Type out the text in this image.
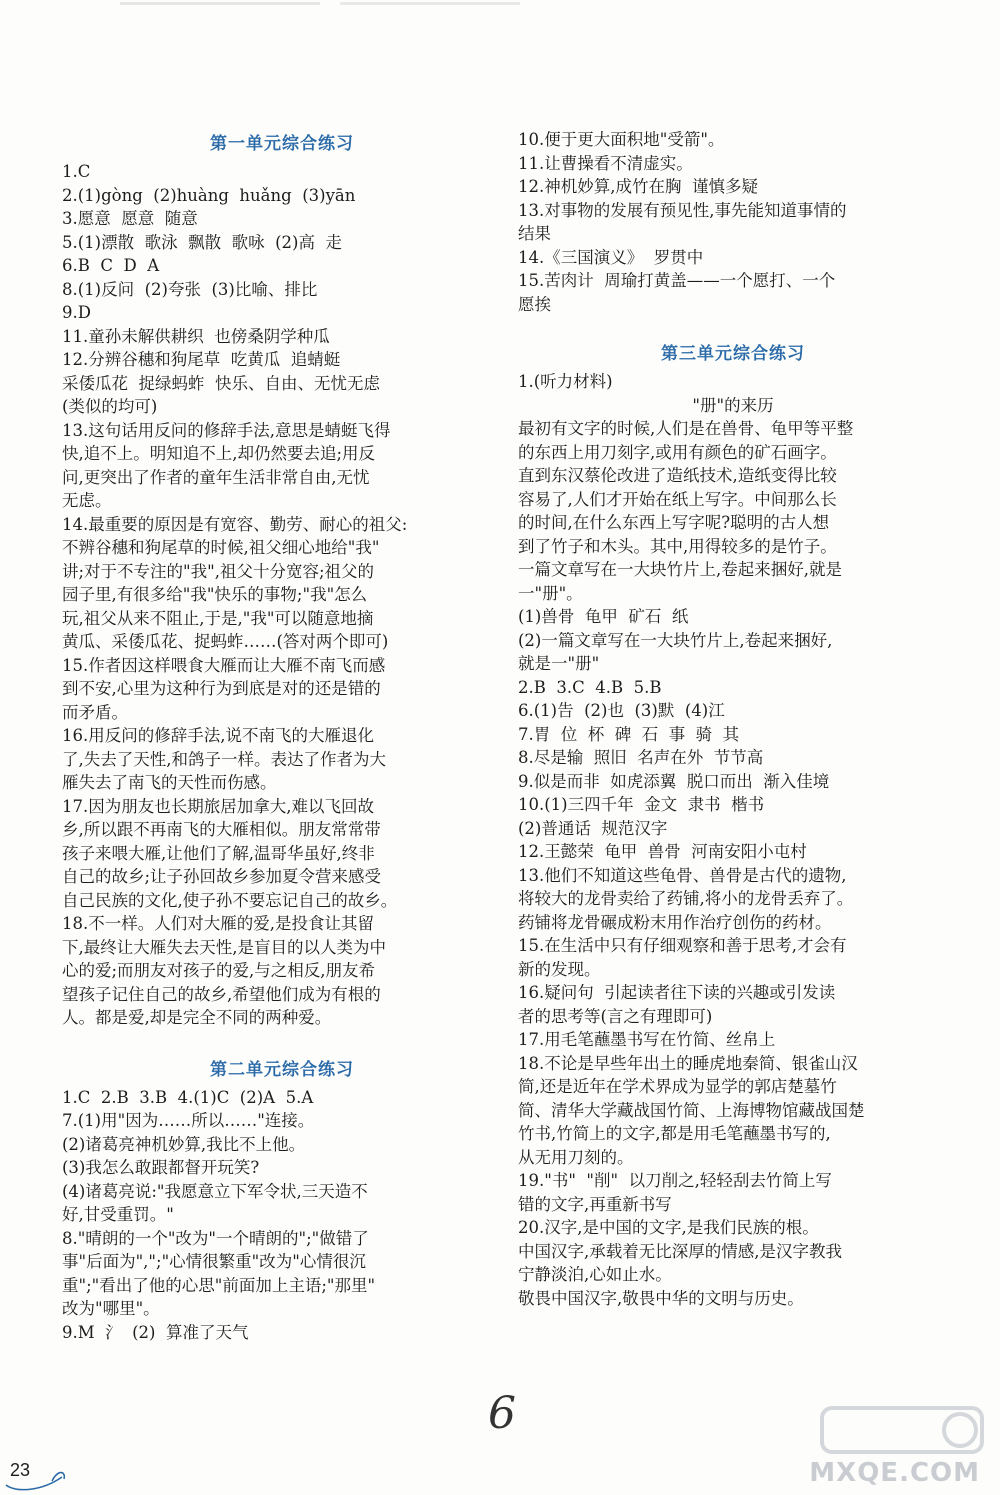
第一单元综合练习
1.C
2.(1)gòng  (2)huàng  huǎng  (3)yān
3.愿意  愿意  随意
5.(1)漂散  歌泳  飘散  歌咏  (2)高  走
6.B  C  D  A
8.(1)反问  (2)夸张  (3)比喻、排比
9.D
11.童孙未解供耕织  也傍桑阴学种瓜
12.分辨谷穗和狗尾草  吃黄瓜  追蜻蜓
采倭瓜花  捉绿蚂蚱  快乐、自由、无忧无虑
(类似的均可)
13.这句话用反问的修辞手法,意思是蜻蜓飞得
快,追不上。明知追不上,却仍然要去追;用反
问,更突出了作者的童年生活非常自由,无忧
无虑。
14.最重要的原因是有宽容、勤劳、耐心的祖父:
不辨谷穗和狗尾草的时候,祖父细心地给"我"
讲;对于不专注的"我",祖父十分宽容;祖父的
园子里,有很多给"我"快乐的事物;"我"怎么
玩,祖父从来不阻止,于是,"我"可以随意地摘
黄瓜、采倭瓜花、捉蚂蚱……(答对两个即可)
15.作者因这样喂食大雁而让大雁不南飞而感
到不安,心里为这种行为到底是对的还是错的
而矛盾。
16.用反问的修辞手法,说不南飞的大雁退化
了,失去了天性,和鸽子一样。表达了作者为大
雁失去了南飞的天性而伤感。
17.因为朋友也长期旅居加拿大,难以飞回故
乡,所以跟不再南飞的大雁相似。朋友常常带
孩子来喂大雁,让他们了解,温哥华虽好,终非
自己的故乡;让子孙回故乡参加夏令营来感受
自己民族的文化,使子孙不要忘记自己的故乡。
18.不一样。人们对大雁的爱,是投食让其留
下,最终让大雁失去天性,是盲目的以人类为中
心的爱;而朋友对孩子的爱,与之相反,朋友希
望孩子记住自己的故乡,希望他们成为有根的
人。都是爱,却是完全不同的两种爱。
第二单元综合练习
1.C  2.B  3.B  4.(1)C  (2)A  5.A
7.(1)用"因为……所以……"连接。
(2)诸葛亮神机妙算,我比不上他。
(3)我怎么敢跟都督开玩笑?
(4)诸葛亮说:"我愿意立下军令状,三天造不
好,甘受重罚。"
8."晴朗的一个"改为"一个晴朗的";"做错了
事"后面为",";"心情很繁重"改为"心情很沉
重";"看出了他的心思"前面加上主语;"那里"
改为"哪里"。
9.M  氵  (2)  算准了天气
10.便于更大面积地"受箭"。
11.让曹操看不清虚实。
12.神机妙算,成竹在胸  谨慎多疑
13.对事物的发展有预见性,事先能知道事情的
结果
14.《三国演义》  罗贯中
15.苦肉计  周瑜打黄盖——一个愿打、一个
愿挨
第三单元综合练习
1.(听力材料)
"册"的来历
最初有文字的时候,人们是在兽骨、龟甲等平整
的东西上用刀刻字,或用有颜色的矿石画字。
直到东汉蔡伦改进了造纸技术,造纸变得比较
容易了,人们才开始在纸上写字。中间那么长
的时间,在什么东西上写字呢?聪明的古人想
到了竹子和木头。其中,用得较多的是竹子。
一篇文章写在一大块竹片上,卷起来捆好,就是
一"册"。
(1)兽骨  龟甲  矿石  纸
(2)一篇文章写在一大块竹片上,卷起来捆好,
就是一"册"
2.B  3.C  4.B  5.B
6.(1)告  (2)也  (3)默  (4)江
7.胃  位  杯  碑  石  事  骑  其
8.尽是输  照旧  名声在外  节节高
9.似是而非  如虎添翼  脱口而出  渐入佳境
10.(1)三四千年  金文  隶书  楷书
(2)普通话  规范汉字
12.王懿荣  龟甲  兽骨  河南安阳小屯村
13.他们不知道这些龟骨、兽骨是古代的遗物,
将较大的龙骨卖给了药铺,将小的龙骨丢弃了。
药铺将龙骨碾成粉末用作治疗创伤的药材。
15.在生活中只有仔细观察和善于思考,才会有
新的发现。
16.疑问句  引起读者往下读的兴趣或引发读
者的思考等(言之有理即可)
17.用毛笔蘸墨书写在竹简、丝帛上
18.不论是早些年出土的睡虎地秦简、银雀山汉
简,还是近年在学术界成为显学的郭店楚墓竹
简、清华大学藏战国竹简、上海博物馆藏战国楚
竹书,竹简上的文字,都是用毛笔蘸墨书写的,
从无用刀刻的。
19."书"  "削"  以刀削之,轻轻刮去竹简上写
错的文字,再重新书写
20.汉字,是中国的文字,是我们民族的根。
中国汉字,承载着无比深厚的情感,是汉字教我
宁静淡泊,心如止水。
敬畏中国汉字,敬畏中华的文明与历史。
23
6
MXQE.COM
